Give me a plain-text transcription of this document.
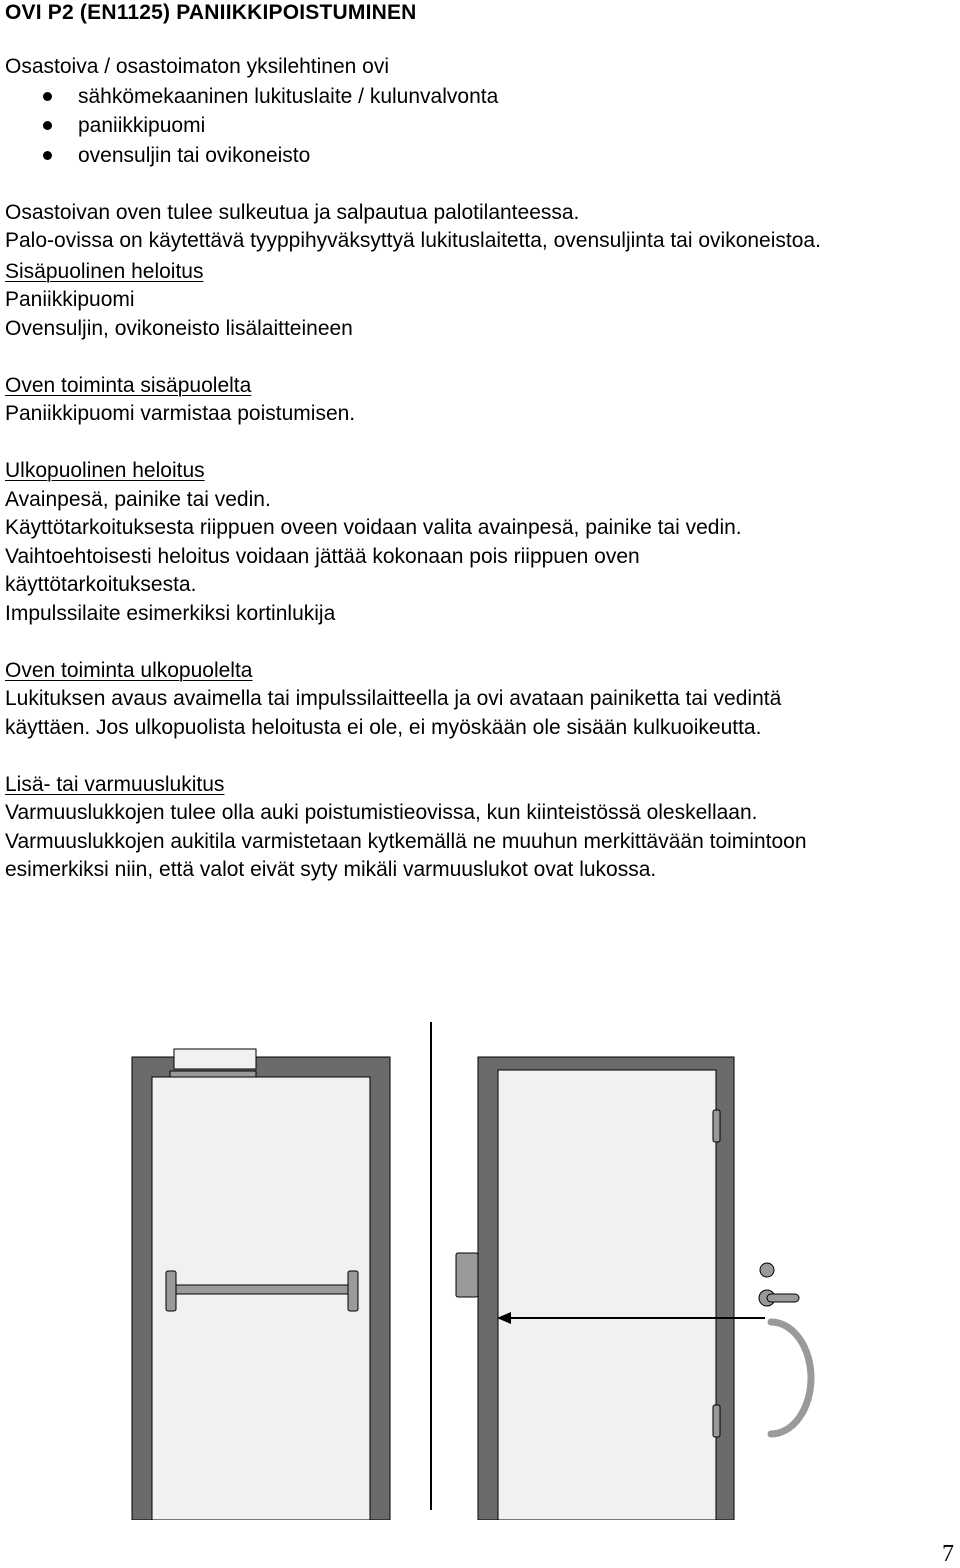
OVI P2 (EN1125) PANIIKKIPOISTUMINEN
Osastoiva / osastoimaton yksilehtinen ovi
sähkömekaaninen lukituslaite / kulunvalvonta
paniikkipuomi
ovensuljin tai ovikoneisto
Osastoivan oven tulee sulkeutua ja salpautua palotilanteessa.
Palo-ovissa on käytettävä tyyppihyväksyttyä lukituslaitetta, ovensuljinta tai ovikoneistoa.
Sisäpuolinen heloitus
Paniikkipuomi
Ovensuljin, ovikoneisto lisälaitteineen
Oven toiminta sisäpuolelta
Paniikkipuomi varmistaa poistumisen.
Ulkopuolinen heloitus
Avainpesä, painike tai vedin.
Käyttötarkoituksesta riippuen oveen voidaan valita avainpesä, painike tai vedin.
Vaihtoehtoisesti heloitus voidaan jättää kokonaan pois riippuen oven
käyttötarkoituksesta.
Impulssilaite esimerkiksi kortinlukija
Oven toiminta ulkopuolelta
Lukituksen avaus avaimella tai impulssilaitteella ja ovi avataan painiketta tai vedintä
käyttäen. Jos ulkopuolista heloitusta ei ole, ei myöskään ole sisään kulkuoikeutta.
Lisä- tai varmuuslukitus
Varmuuslukkojen tulee olla auki poistumistieovissa, kun kiinteistössä oleskellaan.
Varmuuslukkojen aukitila varmistetaan kytkemällä ne muuhun merkittävään toimintoon
esimerkiksi niin, että valot eivät syty mikäli varmuuslukot ovat lukossa.
7
